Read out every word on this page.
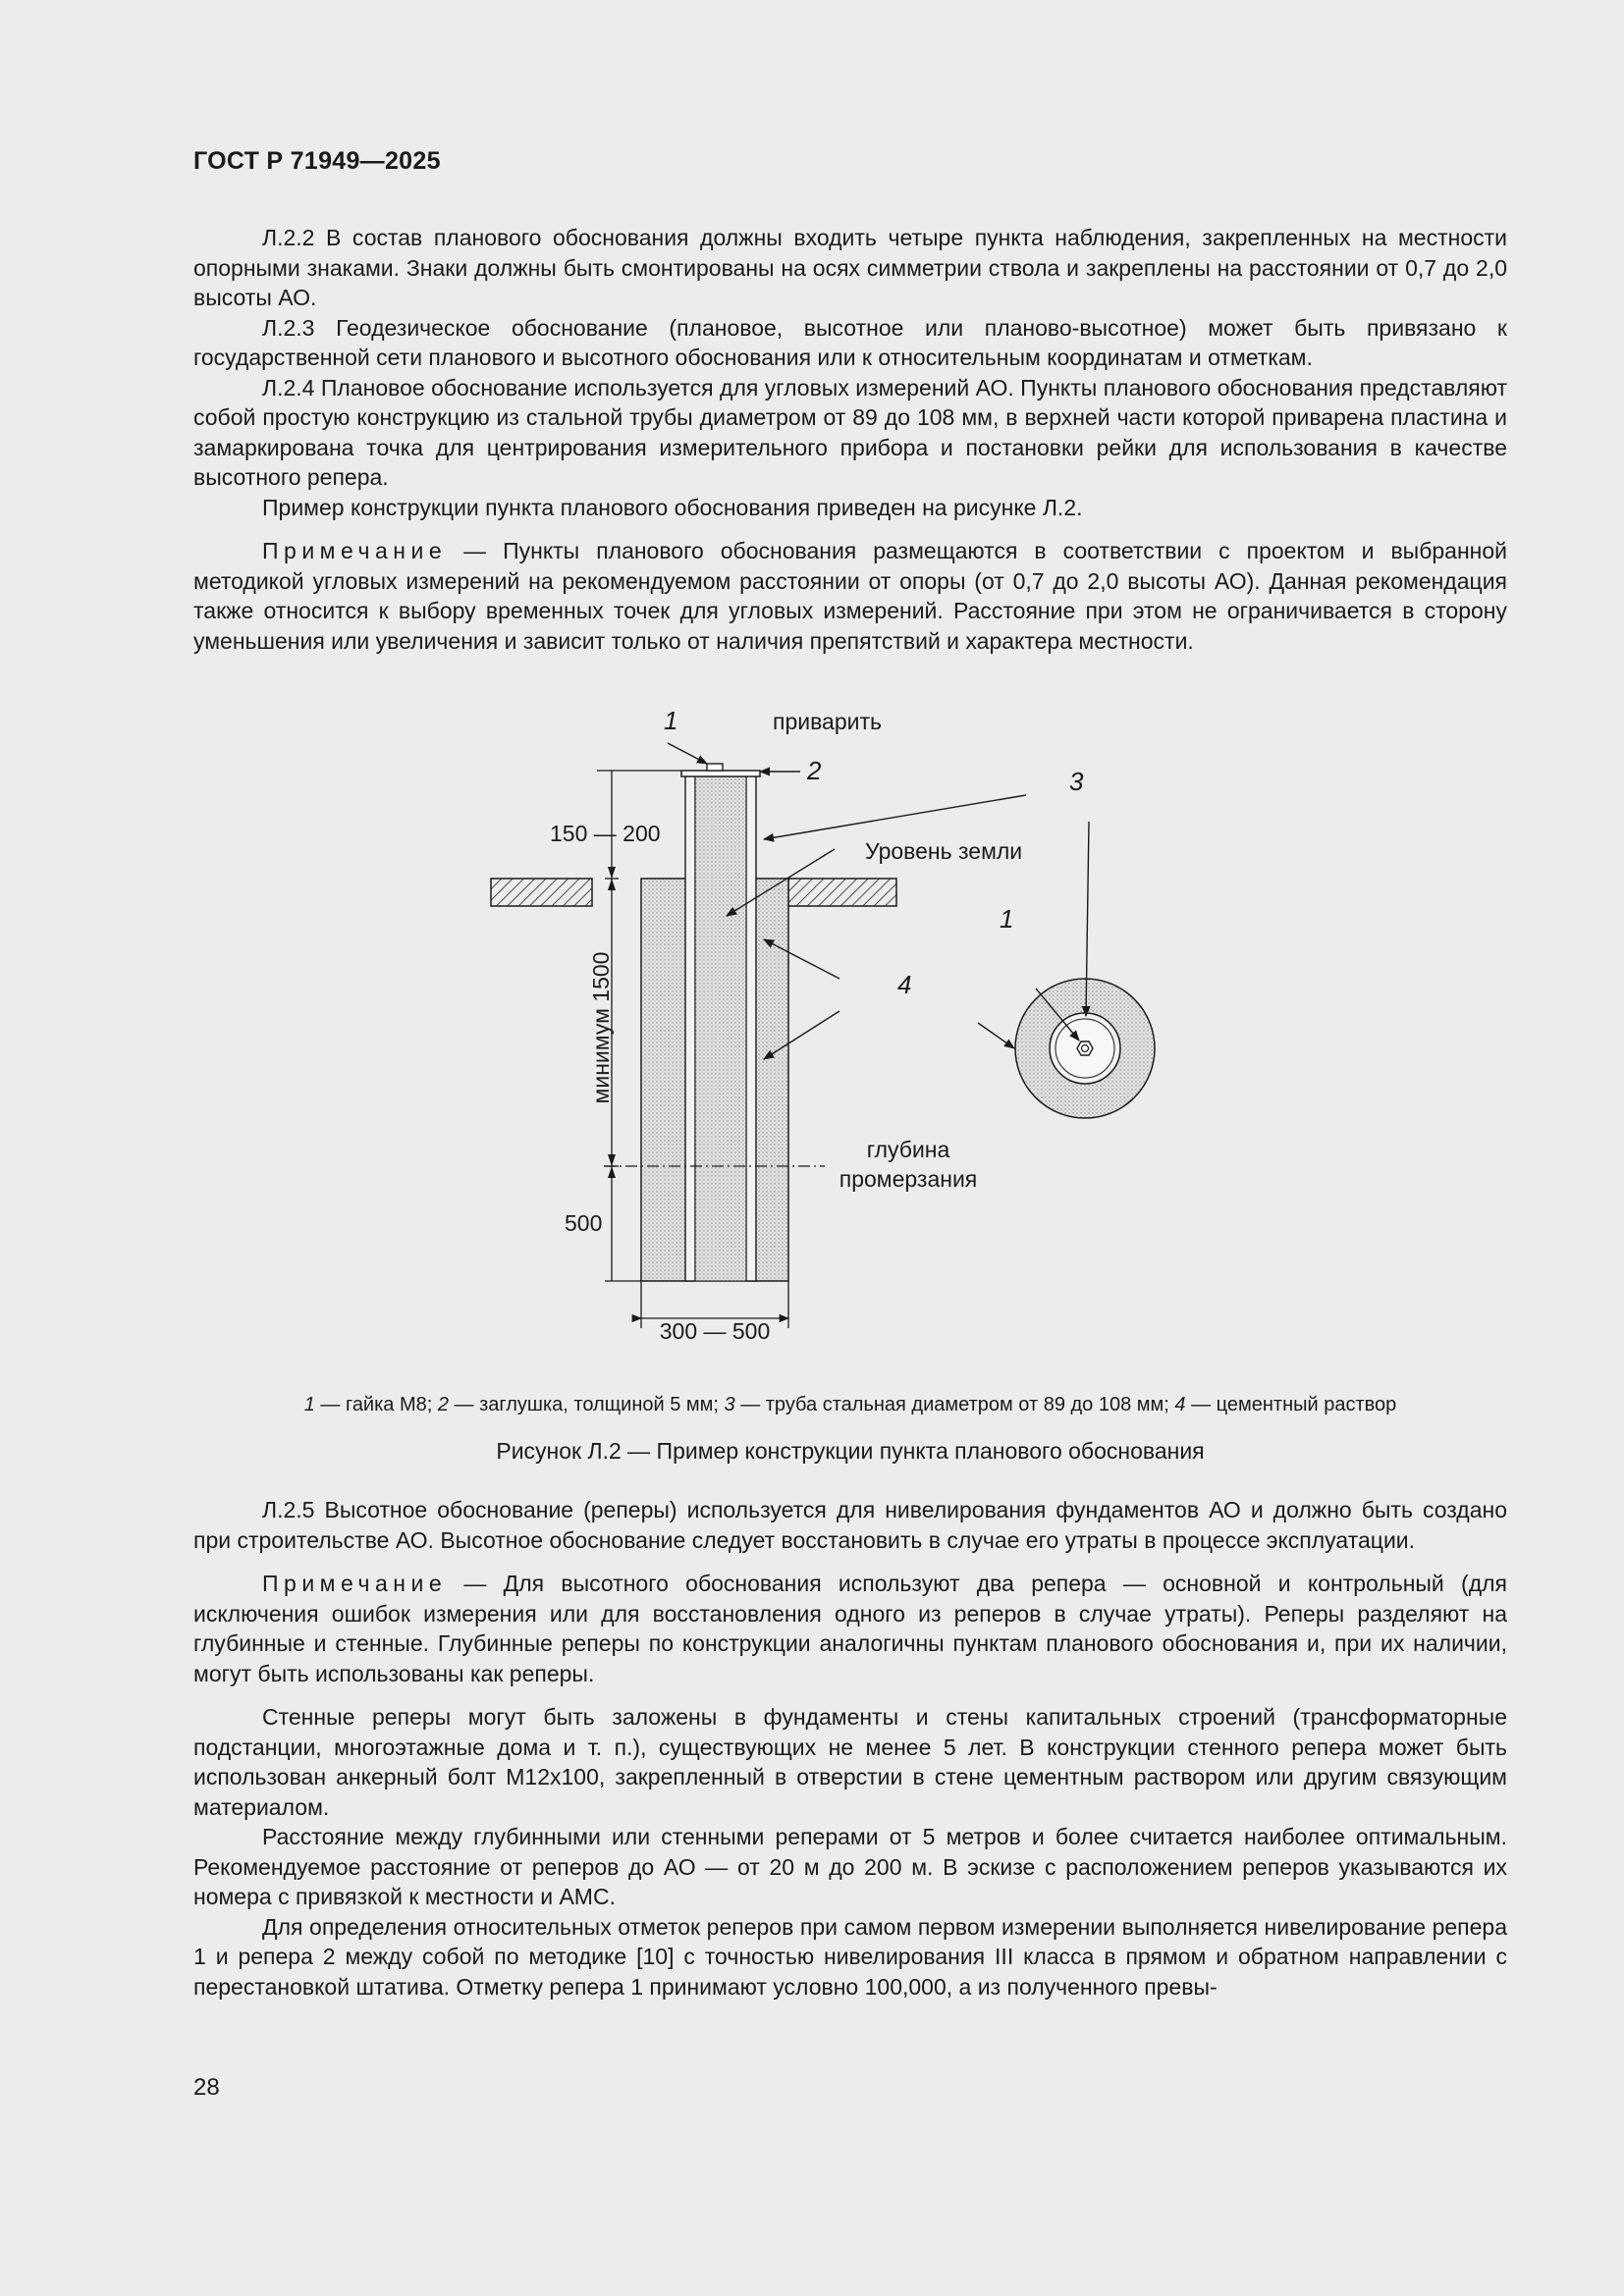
ГОСТ Р 71949—2025

Л.2.2 В состав планового обоснования должны входить четыре пункта наблюдения, закрепленных на местности опорными знаками. Знаки должны быть смонтированы на осях симметрии ствола и закреплены на расстоянии от 0,7 до 2,0 высоты АО.

Л.2.3 Геодезическое обоснование (плановое, высотное или планово-высотное) может быть привязано к государственной сети планового и высотного обоснования или к относительным координатам и отметкам.

Л.2.4 Плановое обоснование используется для угловых измерений АО. Пункты планового обоснования представляют собой простую конструкцию из стальной трубы диаметром от 89 до 108 мм, в верхней части которой приварена пластина и замаркирована точка для центрирования измерительного прибора и постановки рейки для использования в качестве высотного репера.

Пример конструкции пункта планового обоснования приведен на рисунке Л.2.

Примечание — Пункты планового обоснования размещаются в соответствии с проектом и выбранной методикой угловых измерений на рекомендуемом расстоянии от опоры (от 0,7 до 2,0 высоты АО). Данная рекомендация также относится к выбору временных точек для угловых измерений. Расстояние при этом не ограничивается в сторону уменьшения или увеличения и зависит только от наличия препятствий и характера местности.

1	приварить
2	3
Уровень земли
150 — 200
4
1
минимум 1500
глубина
промерзания
500
300 — 500
1 — гайка М8; 2 — заглушка, толщиной 5 мм; 3 — труба стальная диаметром от 89 до 108 мм; 4 — цементный раствор
Рисунок Л.2 — Пример конструкции пункта планового обоснования

Л.2.5 Высотное обоснование (реперы) используется для нивелирования фундаментов АО и должно быть создано при строительстве АО. Высотное обоснование следует восстановить в случае его утраты в процессе эксплуатации.

Примечание — Для высотного обоснования используют два репера — основной и контрольный (для исключения ошибок измерения или для восстановления одного из реперов в случае утраты). Реперы разделяют на глубинные и стенные. Глубинные реперы по конструкции аналогичны пунктам планового обоснования и, при их наличии, могут быть использованы как реперы.

Стенные реперы могут быть заложены в фундаменты и стены капитальных строений (трансформаторные подстанции, многоэтажные дома и т. п.), существующих не менее 5 лет. В конструкции стенного репера может быть использован анкерный болт М12х100, закрепленный в отверстии в стене цементным раствором или другим связующим материалом.

Расстояние между глубинными или стенными реперами от 5 метров и более считается наиболее оптимальным. Рекомендуемое расстояние от реперов до АО — от 20 м до 200 м. В эскизе с расположением реперов указываются их номера с привязкой к местности и АМС.

Для определения относительных отметок реперов при самом первом измерении выполняется нивелирование репера 1 и репера 2 между собой по методике [10] с точностью нивелирования III класса в прямом и обратном направлении с перестановкой штатива. Отметку репера 1 принимают условно 100,000, а из полученного превы-

28
